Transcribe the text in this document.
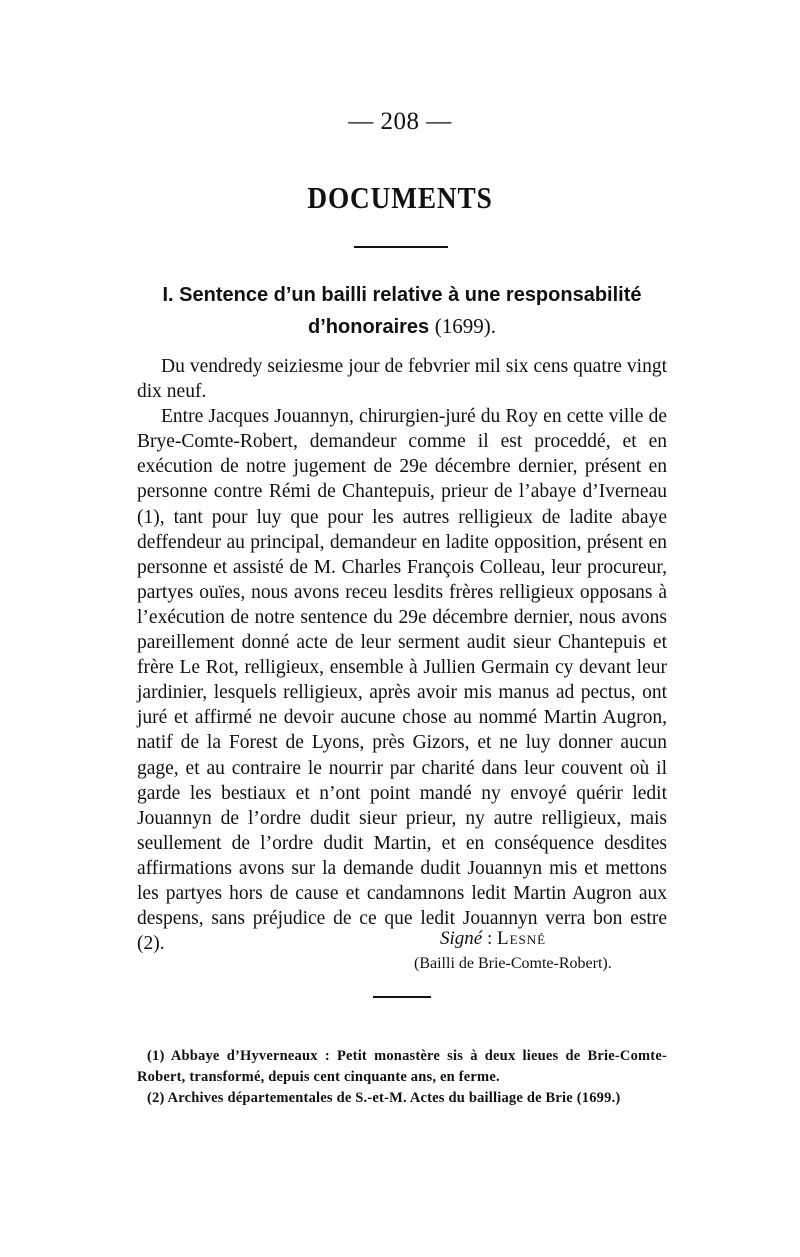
— 208 —
DOCUMENTS
I. Sentence d’un bailli relative à une responsabilité d’honoraires (1699).

Du vendredy seiziesme jour de febvrier mil six cens quatre vingt dix neuf.

Entre Jacques Jouannyn, chirurgien-juré du Roy en cette ville de Brye-Comte-Robert, demandeur comme il est proceddé, et en exécution de notre jugement de 29e décembre dernier, présent en personne contre Rémi de Chantepuis, prieur de l’abaye d’Iverneau (1), tant pour luy que pour les autres relligieux de ladite abaye deffendeur au principal, demandeur en ladite opposition, présent en personne et assisté de M. Charles François Colleau, leur procureur, partyes ouïes, nous avons receu lesdits frères relligieux opposans à l’exécution de notre sentence du 29e décembre dernier, nous avons pareillement donné acte de leur serment audit sieur Chantepuis et frère Le Rot, relligieux, ensemble à Jullien Germain cy devant leur jardinier, lesquels relligieux, après avoir mis manus ad pectus, ont juré et affirmé ne devoir aucune chose au nommé Martin Augron, natif de la Forest de Lyons, près Gizors, et ne luy donner aucun gage, et au contraire le nourrir par charité dans leur couvent où il garde les bestiaux et n’ont point mandé ny envoyé quérir ledit Jouannyn de l’ordre dudit sieur prieur, ny autre relligieux, mais seullement de l’ordre dudit Martin, et en conséquence desdites affirmations avons sur la demande dudit Jouannyn mis et mettons les partyes hors de cause et candamnons ledit Martin Augron aux despens, sans préjudice de ce que ledit Jouannyn verra bon estre (2).	Signé : Lesné
(Bailli de Brie-Comte-Robert).

(1) Abbaye d’Hyverneaux : Petit monastère sis à deux lieues de Brie-Comte-Robert, transformé, depuis cent cinquante ans, en ferme.

(2) Archives départementales de S.-et-M. Actes du bailliage de Brie (1699.)
